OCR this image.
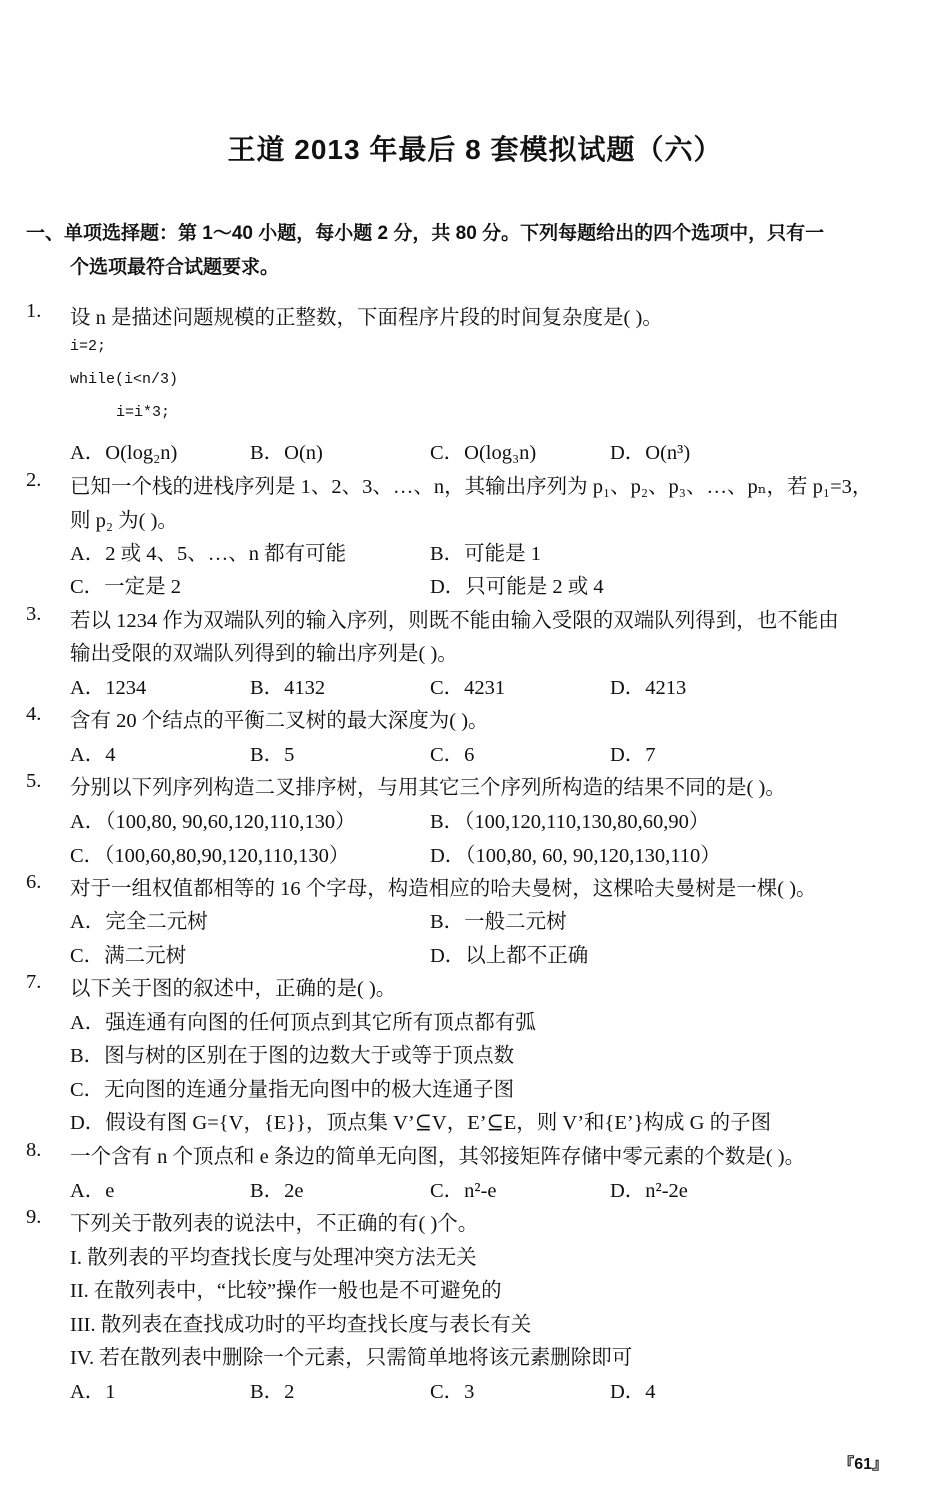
王道 2013 年最后 8 套模拟试题（六）
一、单项选择题：第 1～40 小题，每小题 2 分，共 80 分。下列每题给出的四个选项中，只有一
个选项最符合试题要求。
1. 设 n 是描述问题规模的正整数，下面程序片段的时间复杂度是( )。
i=2;
while(i<n/3)
i=i*3;
A．O(log₂n)	B．O(n)	C．O(log₃n)	D．O(n³)
2. 已知一个栈的进栈序列是 1、2、3、…、n，其输出序列为 p₁、p₂、p₃、…、pₙ，若 p₁=3，
则 p₂ 为( )。
A．2 或 4、5、…、n 都有可能	B．可能是 1
C．一定是 2	D．只可能是 2 或 4
3. 若以 1234 作为双端队列的输入序列，则既不能由输入受限的双端队列得到，也不能由
输出受限的双端队列得到的输出序列是( )。
A．1234	B．4132	C．4231	D．4213
4. 含有 20 个结点的平衡二叉树的最大深度为( )。
A．4	B．5	C．6	D．7
5. 分别以下列序列构造二叉排序树，与用其它三个序列所构造的结果不同的是( )。
A．（100,80, 90,60,120,110,130）	B．（100,120,110,130,80,60,90）
C．（100,60,80,90,120,110,130）	D．（100,80, 60, 90,120,130,110）
6. 对于一组权值都相等的 16 个字母，构造相应的哈夫曼树，这棵哈夫曼树是一棵( )。
A．完全二元树	B．一般二元树
C．满二元树	D．以上都不正确
7. 以下关于图的叙述中，正确的是( )。
A．强连通有向图的任何顶点到其它所有顶点都有弧
B．图与树的区别在于图的边数大于或等于顶点数
C．无向图的连通分量指无向图中的极大连通子图
D．假设有图 G={V，{E}}，顶点集 V’⊆V，E’⊆E，则 V’和{E’}构成 G 的子图
8. 一个含有 n 个顶点和 e 条边的简单无向图，其邻接矩阵存储中零元素的个数是( )。
A．e	B．2e	C．n²-e	D．n²-2e
9. 下列关于散列表的说法中，不正确的有( )个。
I. 散列表的平均查找长度与处理冲突方法无关
II. 在散列表中，“比较”操作一般也是不可避免的
III. 散列表在查找成功时的平均查找长度与表长有关
IV. 若在散列表中删除一个元素，只需简单地将该元素删除即可
A．1	B．2	C．3	D．4
『61』
